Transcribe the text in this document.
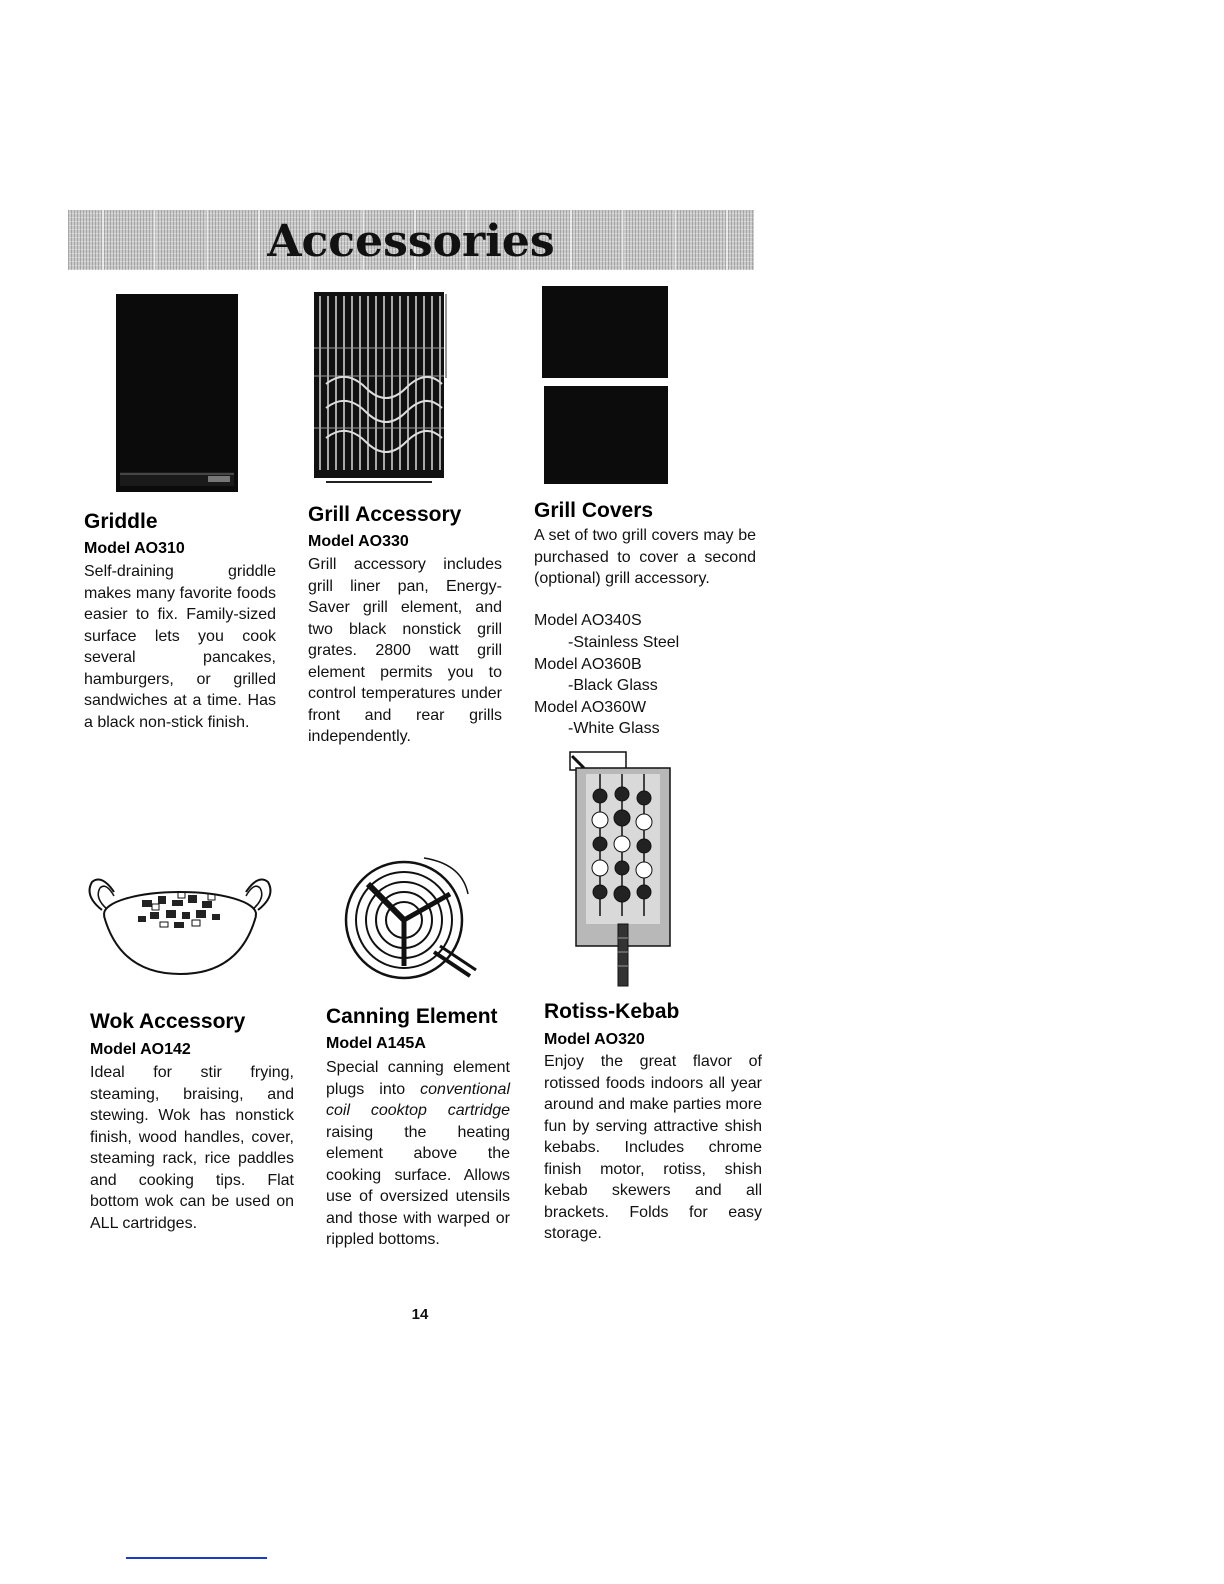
Accessories
Griddle
Model AO310
Self-draining griddle makes many favorite foods easier to fix. Family-sized surface lets you cook several pancakes, hamburgers, or grilled sandwiches at a time. Has a black non-stick finish.
Grill Accessory
Model AO330
Grill accessory includes grill liner pan, Energy-Saver grill element, and two black nonstick grill grates. 2800 watt grill element permits you to control temperatures under front and rear grills independently.
Grill Covers
A set of two grill covers may be purchased to cover a second (optional) grill accessory.
Model AO340S
-Stainless Steel
Model AO360B
-Black Glass
Model AO360W
-White Glass
Wok Accessory
Model AO142
Ideal for stir frying, steaming, braising, and stewing. Wok has nonstick finish, wood handles, cover, steaming rack, rice paddles and cooking tips. Flat bottom wok can be used on ALL cartridges.
Canning Element
Model A145A
Special canning element plugs into conventional coil cooktop cartridge raising the heating element above the cooking surface. Allows use of oversized utensils and those with warped or rippled bottoms.
Rotiss-Kebab
Model AO320
Enjoy the great flavor of rotissed foods indoors all year around and make parties more fun by serving attractive shish kebabs. Includes chrome finish motor, rotiss, shish kebab skewers and all brackets. Folds for easy storage.
14
